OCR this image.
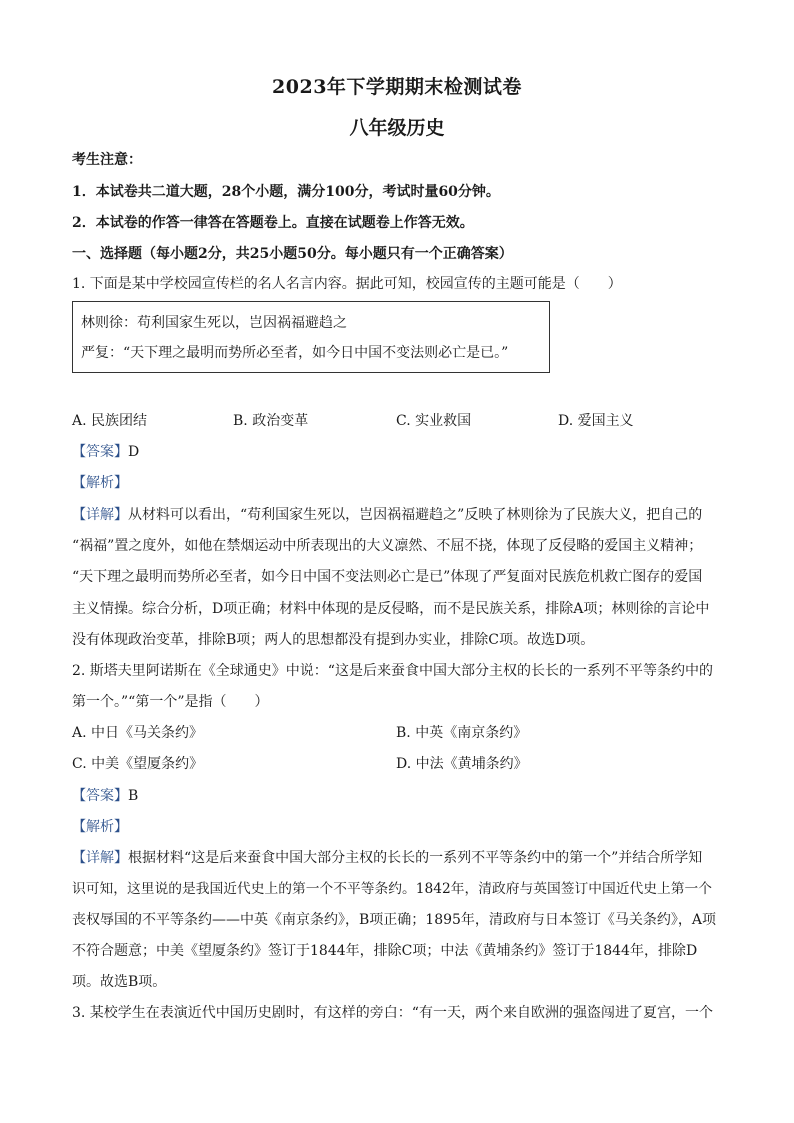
2023年下学期期末检测试卷
八年级历史
考生注意：
1．本试卷共二道大题，28个小题，满分100分，考试时量60分钟。
2．本试卷的作答一律答在答题卷上。直接在试题卷上作答无效。
一、选择题（每小题2分，共25小题50分。每小题只有一个正确答案）
1. 下面是某中学校园宣传栏的名人名言内容。据此可知，校园宣传的主题可能是（　　）
林则徐：苟利国家生死以，岂因祸福避趋之
严复：“天下理之最明而势所必至者，如今日中国不变法则必亡是已。”
A. 民族团结	B. 政治变革	C. 实业救国	D. 爱国主义
【答案】D
【解析】
【详解】从材料可以看出，“苟利国家生死以，岂因祸福避趋之”反映了林则徐为了民族大义，把自己的
“祸福”置之度外，如他在禁烟运动中所表现出的大义凛然、不屈不挠，体现了反侵略的爱国主义精神；
“天下理之最明而势所必至者，如今日中国不变法则必亡是已”体现了严复面对民族危机救亡图存的爱国
主义情操。综合分析，D项正确；材料中体现的是反侵略，而不是民族关系，排除A项；林则徐的言论中
没有体现政治变革，排除B项；两人的思想都没有提到办实业，排除C项。故选D项。
2. 斯塔夫里阿诺斯在《全球通史》中说：“这是后来蚕食中国大部分主权的长长的一系列不平等条约中的
第一个。”“第一个”是指（　　）
A. 中日《马关条约》	B. 中英《南京条约》
C. 中美《望厦条约》	D. 中法《黄埔条约》
【答案】B
【解析】
【详解】根据材料“这是后来蚕食中国大部分主权的长长的一系列不平等条约中的第一个”并结合所学知
识可知，这里说的是我国近代史上的第一个不平等条约。1842年，清政府与英国签订中国近代史上第一个
丧权辱国的不平等条约——中英《南京条约》，B项正确；1895年，清政府与日本签订《马关条约》，A项
不符合题意；中美《望厦条约》签订于1844年，排除C项；中法《黄埔条约》签订于1844年，排除D
项。故选B项。
3. 某校学生在表演近代中国历史剧时，有这样的旁白：“有一天，两个来自欧洲的强盗闯进了夏宫，一个
